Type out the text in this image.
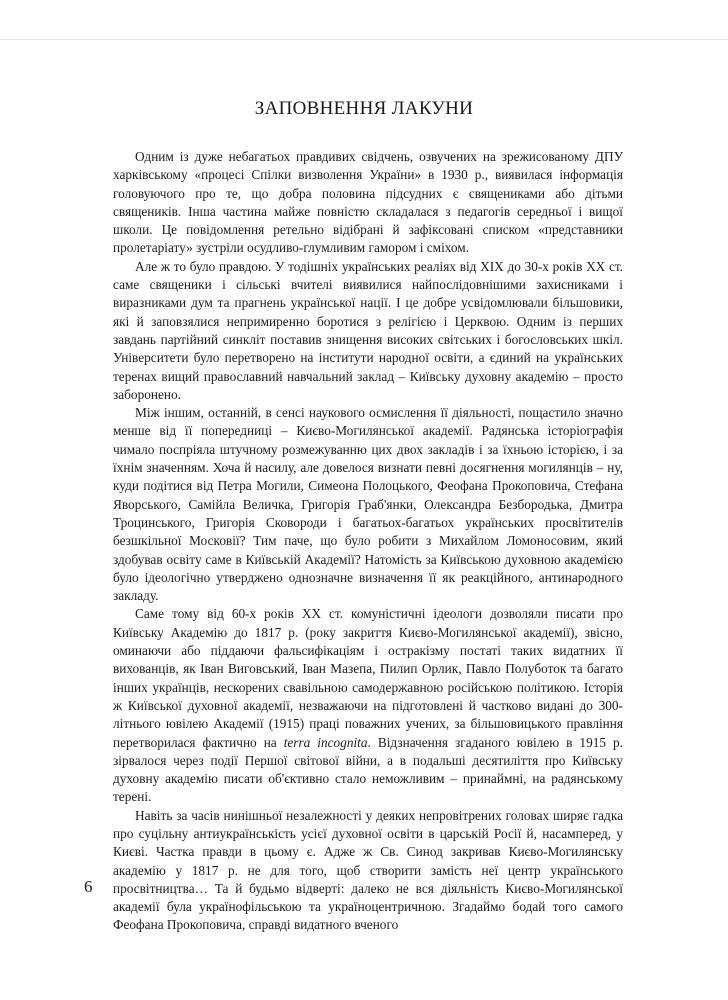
ЗАПОВНЕННЯ ЛАКУНИ

Одним із дуже небагатьох правдивих свідчень, озвучених на зрежисованому ДПУ харківському «процесі Спілки визволення України» в 1930 р., виявилася інформація головуючого про те, що добра половина підсудних є священиками або дітьми священиків. Інша частина майже повністю складалася з педагогів середньої і вищої школи. Це повідомлення ретельно відібрані й зафіксовані списком «представники пролетаріату» зустріли осудливо-глумливим гамором і сміхом.

Але ж то було правдою. У тодішніх українських реаліях від XIX до 30-х років XX ст. саме священики і сільські вчителі виявилися найпослідовнішими захисниками і виразниками дум та прагнень української нації. І це добре усвідомлювали більшовики, які й заповзялися непримиренно боротися з релігією і Церквою. Одним із перших завдань партійний синкліт поставив знищення високих світських і богословських шкіл. Університети було перетворено на інститути народної освіти, а єдиний на українських теренах вищий православний навчальний заклад – Київську духовну академію – просто заборонено.

Між іншим, останній, в сенсі наукового осмислення її діяльності, пощастило значно менше від її попередниці – Києво-Могилянської академії. Радянська історіографія чимало поспріяла штучному розмежуванню цих двох закладів і за їхньою історією, і за їхнім значенням. Хоча й насилу, але довелося визнати певні досягнення могилянців – ну, куди подітися від Петра Могили, Симеона Полоцького, Феофана Прокоповича, Стефана Яворського, Самійла Величка, Григорія Граб'янки, Олександра Безбородька, Дмитра Троцинського, Григорія Сковороди і багатьох-багатьох українських просвітителів безшкільної Московії? Тим паче, що було робити з Михайлом Ломоносовим, який здобував освіту саме в Київській Академії? Натомість за Київською духовною академією було ідеологічно утверджено однозначне визначення її як реакційного, антинародного закладу.

Саме тому від 60-х років XX ст. комуністичні ідеологи дозволяли писати про Київську Академію до 1817 р. (року закриття Києво-Могилянської академії), звісно, оминаючи або піддаючи фальсифікаціям і остракізму постаті таких видатних її вихованців, як Іван Виговський, Іван Мазепа, Пилип Орлик, Павло Полуботок та багато інших українців, нескорених свавільною самодержавною російською політикою. Історія ж Київської духовної академії, незважаючи на підготовлені й частково видані до 300-літнього ювілею Академії (1915) праці поважних учених, за більшовицького правління перетворилася фактично на terra incognita. Відзначення згаданого ювілею в 1915 р. зірвалося через події Першої світової війни, а в подальші десятиліття про Київську духовну академію писати об'єктивно стало неможливим – принаймні, на радянському терені.

Навіть за часів нинішньої незалежності у деяких непровітрених головах ширяє гадка про суцільну антиукраїнськість усієї духовної освіти в царській Росії й, насамперед, у Києві. Частка правди в цьому є. Адже ж Св. Синод закривав Києво-Могилянську академію у 1817 р. не для того, щоб створити замість неї центр українського просвітництва… Та й будьмо відверті: далеко не вся діяльність Києво-Могилянської академії була українофільською та україноцентричною. Згадаймо бодай того самого Феофана Прокоповича, справді видатного вченого

6
